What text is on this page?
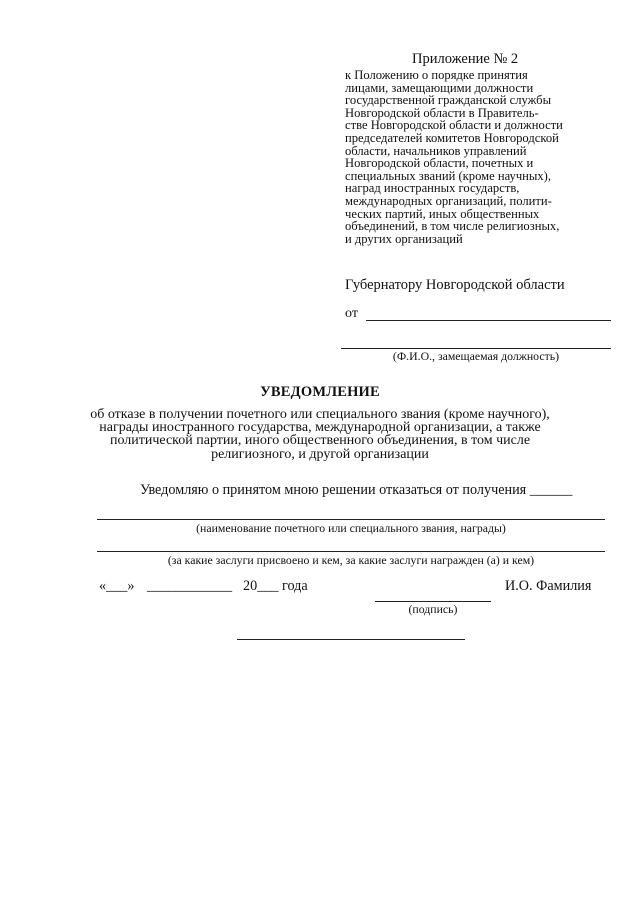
Приложение № 2
к Положению о порядке принятия
лицами, замещающими должности
государственной гражданской службы
Новгородской области в Правитель-
стве Новгородской области и должности
председателей комитетов Новгородской
области, начальников управлений
Новгородской области, почетных и
специальных званий (кроме научных),
наград иностранных государств,
международных организаций, полити-
ческих партий, иных общественных
объединений, в том числе религиозных,
и других организаций
Губернатору Новгородской области
от
(Ф.И.О., замещаемая должность)
УВЕДОМЛЕНИЕ
об отказе в получении почетного или специального звания (кроме научного),
награды иностранного государства, международной организации, а также
политической партии, иного общественного объединения, в том числе
религиозного, и другой организации
Уведомляю о принятом мною решении отказаться от получения ______
(наименование почетного или специального звания, награды)
(за какие заслуги присвоено и кем, за какие заслуги награжден (а) и кем)
«___» ____________ 20___ года
(подпись)
И.О. Фамилия
